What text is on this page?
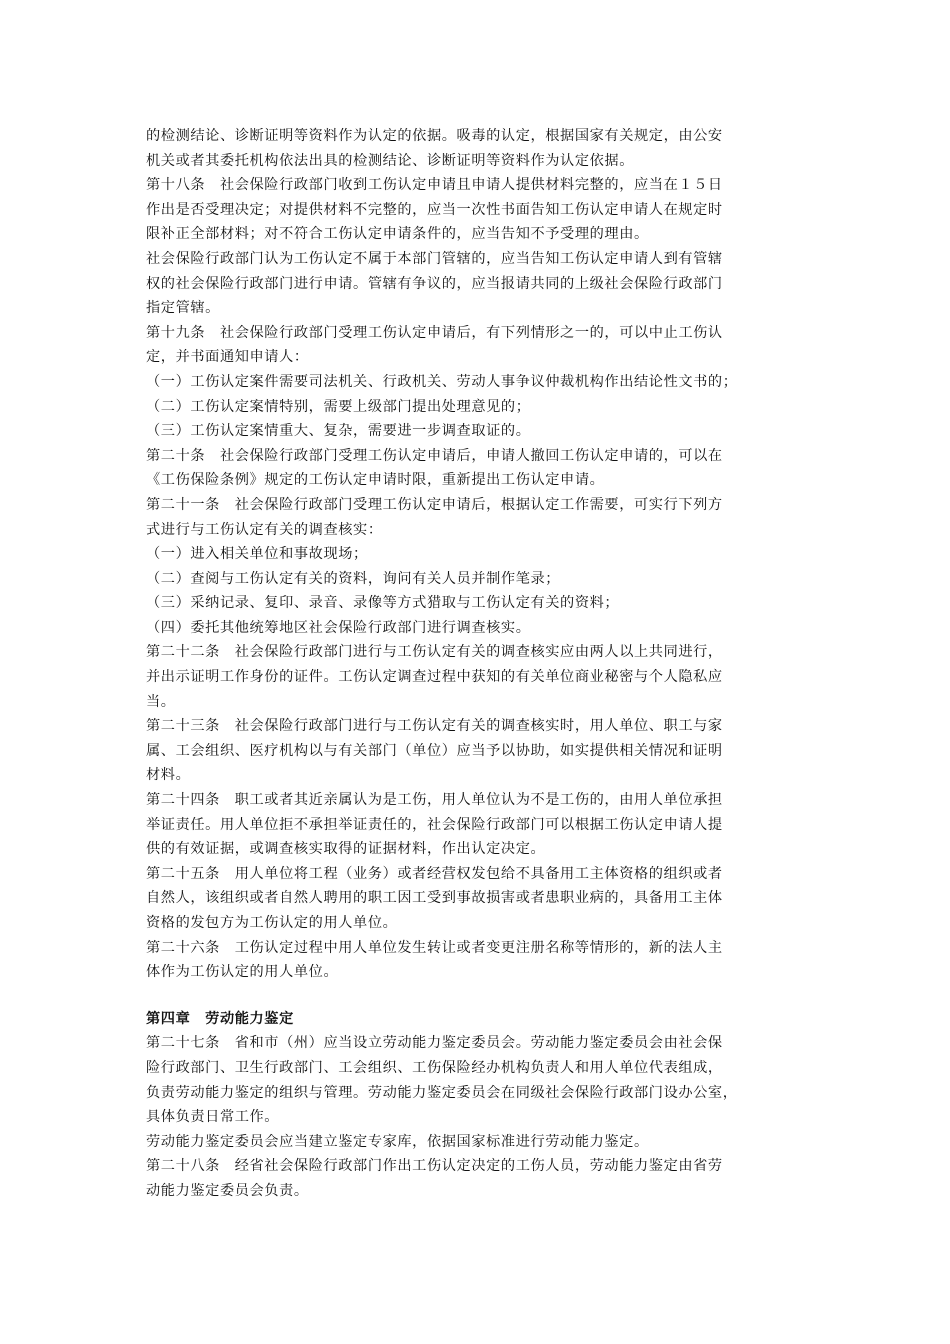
的检测结论、诊断证明等资料作为认定的依据。吸毒的认定，根据国家有关规定，由公安
机关或者其委托机构依法出具的检测结论、诊断证明等资料作为认定依据。
第十八条　社会保险行政部门收到工伤认定申请且申请人提供材料完整的，应当在１５日
作出是否受理决定；对提供材料不完整的，应当一次性书面告知工伤认定申请人在规定时
限补正全部材料；对不符合工伤认定申请条件的，应当告知不予受理的理由。
社会保险行政部门认为工伤认定不属于本部门管辖的，应当告知工伤认定申请人到有管辖
权的社会保险行政部门进行申请。管辖有争议的，应当报请共同的上级社会保险行政部门
指定管辖。
第十九条　社会保险行政部门受理工伤认定申请后，有下列情形之一的，可以中止工伤认
定，并书面通知申请人：
（一）工伤认定案件需要司法机关、行政机关、劳动人事争议仲裁机构作出结论性文书的；
（二）工伤认定案情特别，需要上级部门提出处理意见的；
（三）工伤认定案情重大、复杂，需要进一步调查取证的。
第二十条　社会保险行政部门受理工伤认定申请后，申请人撤回工伤认定申请的，可以在
《工伤保险条例》规定的工伤认定申请时限，重新提出工伤认定申请。
第二十一条　社会保险行政部门受理工伤认定申请后，根据认定工作需要，可实行下列方
式进行与工伤认定有关的调查核实：
（一）进入相关单位和事故现场；
（二）查阅与工伤认定有关的资料，询问有关人员并制作笔录；
（三）采纳记录、复印、录音、录像等方式猎取与工伤认定有关的资料；
（四）委托其他统筹地区社会保险行政部门进行调查核实。
第二十二条　社会保险行政部门进行与工伤认定有关的调查核实应由两人以上共同进行，
并出示证明工作身份的证件。工伤认定调查过程中获知的有关单位商业秘密与个人隐私应
当。
第二十三条　社会保险行政部门进行与工伤认定有关的调查核实时，用人单位、职工与家
属、工会组织、医疗机构以与有关部门（单位）应当予以协助，如实提供相关情况和证明
材料。
第二十四条　职工或者其近亲属认为是工伤，用人单位认为不是工伤的，由用人单位承担
举证责任。用人单位拒不承担举证责任的，社会保险行政部门可以根据工伤认定申请人提
供的有效证据，或调查核实取得的证据材料，作出认定决定。
第二十五条　用人单位将工程（业务）或者经营权发包给不具备用工主体资格的组织或者
自然人，该组织或者自然人聘用的职工因工受到事故损害或者患职业病的，具备用工主体
资格的发包方为工伤认定的用人单位。
第二十六条　工伤认定过程中用人单位发生转让或者变更注册名称等情形的，新的法人主
体作为工伤认定的用人单位。
第四章　劳动能力鉴定
第二十七条　省和市（州）应当设立劳动能力鉴定委员会。劳动能力鉴定委员会由社会保
险行政部门、卫生行政部门、工会组织、工伤保险经办机构负责人和用人单位代表组成，
负责劳动能力鉴定的组织与管理。劳动能力鉴定委员会在同级社会保险行政部门设办公室，
具体负责日常工作。
劳动能力鉴定委员会应当建立鉴定专家库，依据国家标准进行劳动能力鉴定。
第二十八条　经省社会保险行政部门作出工伤认定决定的工伤人员，劳动能力鉴定由省劳
动能力鉴定委员会负责。
